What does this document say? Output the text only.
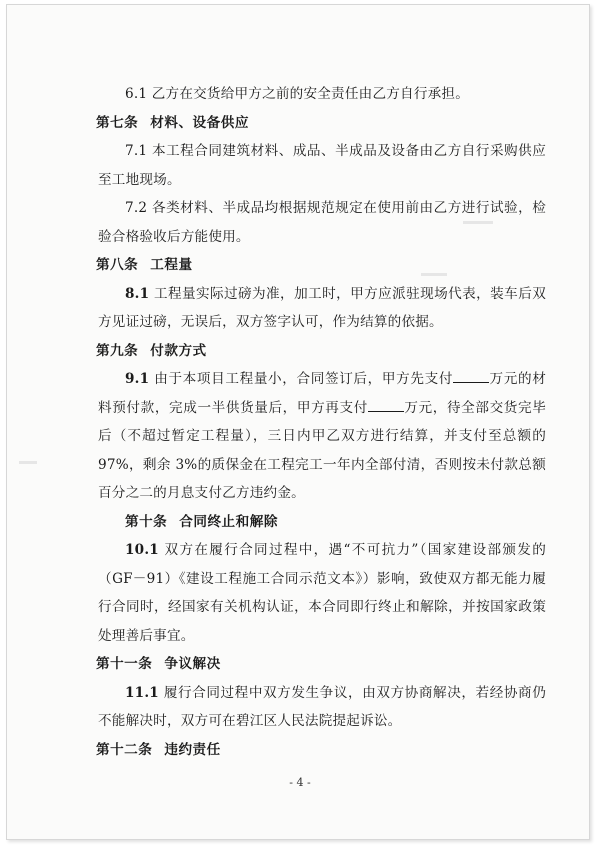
6.1 乙方在交货给甲方之前的安全责任由乙方自行承担。

第七条 材料、设备供应

7.1 本工程合同建筑材料、成品、半成品及设备由乙方自行采购供应至工地现场。

7.2 各类材料、半成品均根据规范规定在使用前由乙方进行试验，检验合格验收后方能使用。

第八条 工程量

8.1 工程量实际过磅为准，加工时，甲方应派驻现场代表，装车后双方见证过磅，无误后，双方签字认可，作为结算的依据。

第九条 付款方式

9.1 由于本项目工程量小，合同签订后，甲方先支付	万元的材料预付款，完成一半供货量后，甲方再支付	万元，待全部交货完毕后（不超过暂定工程量），三日内甲乙双方进行结算，并支付至总额的97%，剩余 3%的质保金在工程完工一年内全部付清，否则按未付款总额百分之二的月息支付乙方违约金。

第十条 合同终止和解除

10.1 双方在履行合同过程中，遇“不可抗力”（国家建设部颁发的（GF－91）《建设工程施工合同示范文本》）影响，致使双方都无能力履行合同时，经国家有关机构认证，本合同即行终止和解除，并按国家政策处理善后事宜。

第十一条 争议解决

11.1 履行合同过程中双方发生争议，由双方协商解决，若经协商仍不能解决时，双方可在碧江区人民法院提起诉讼。

第十二条 违约责任

- 4 -
